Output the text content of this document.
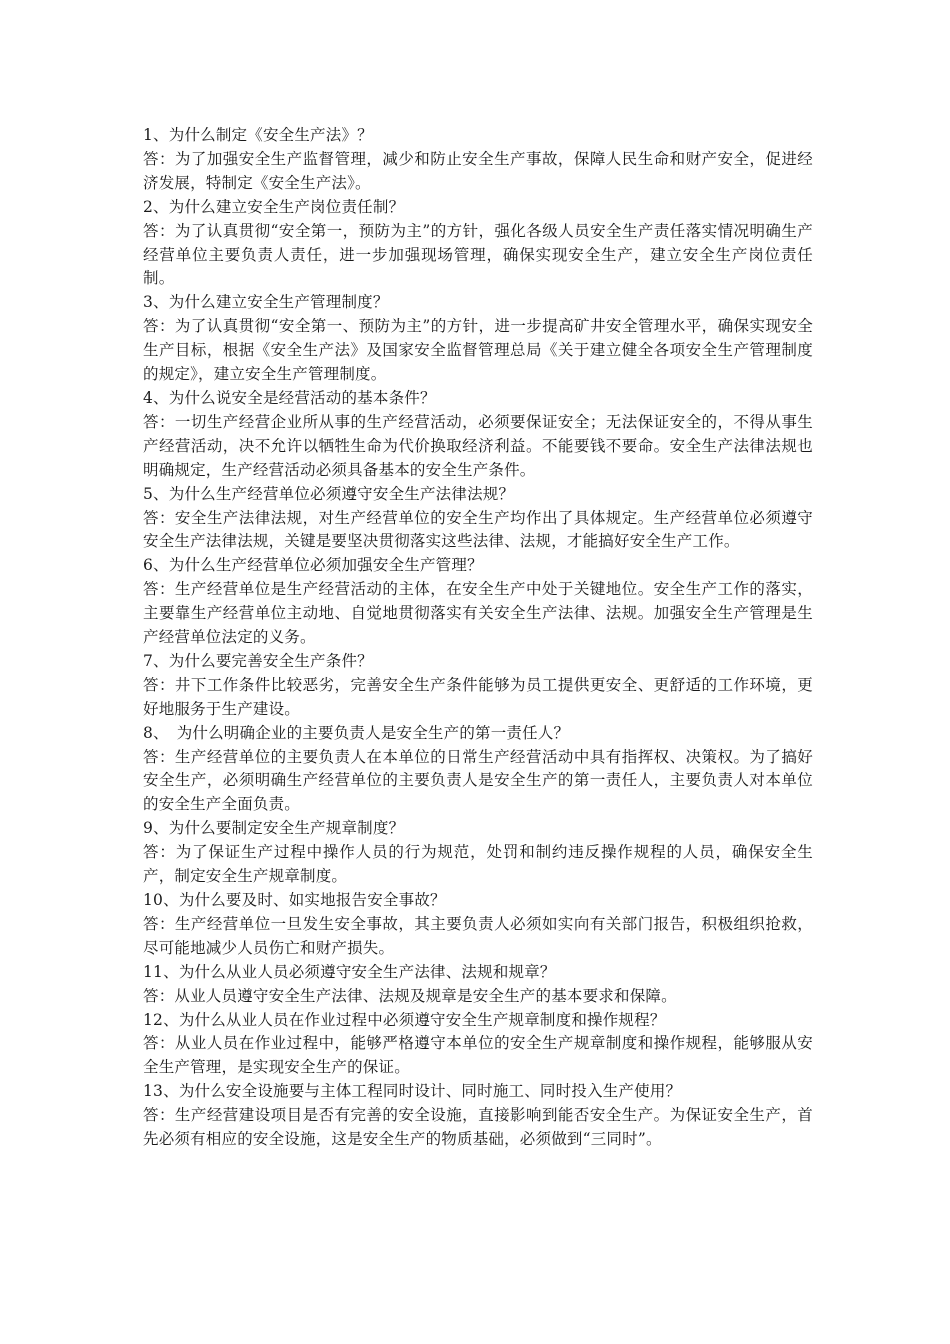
1、为什么制定《安全生产法》？

答：为了加强安全生产监督管理，减少和防止安全生产事故，保障人民生命和财产安全，促进经济发展，特制定《安全生产法》。

2、为什么建立安全生产岗位责任制？

答：为了认真贯彻“安全第一，预防为主”的方针，强化各级人员安全生产责任落实情况明确生产经营单位主要负责人责任，进一步加强现场管理，确保实现安全生产，建立安全生产岗位责任制。

3、为什么建立安全生产管理制度？

答：为了认真贯彻“安全第一、预防为主”的方针，进一步提高矿井安全管理水平，确保实现安全生产目标，根据《安全生产法》及国家安全监督管理总局《关于建立健全各项安全生产管理制度的规定》，建立安全生产管理制度。

4、为什么说安全是经营活动的基本条件？

答：一切生产经营企业所从事的生产经营活动，必须要保证安全；无法保证安全的，不得从事生产经营活动，决不允许以牺牲生命为代价换取经济利益。不能要钱不要命。安全生产法律法规也明确规定，生产经营活动必须具备基本的安全生产条件。

5、为什么生产经营单位必须遵守安全生产法律法规？

答：安全生产法律法规，对生产经营单位的安全生产均作出了具体规定。生产经营单位必须遵守安全生产法律法规，关键是要坚决贯彻落实这些法律、法规，才能搞好安全生产工作。

6、为什么生产经营单位必须加强安全生产管理？

答：生产经营单位是生产经营活动的主体，在安全生产中处于关键地位。安全生产工作的落实，主要靠生产经营单位主动地、自觉地贯彻落实有关安全生产法律、法规。加强安全生产管理是生产经营单位法定的义务。

7、为什么要完善安全生产条件？

答：井下工作条件比较恶劣，完善安全生产条件能够为员工提供更安全、更舒适的工作环境，更好地服务于生产建设。

8、　为什么明确企业的主要负责人是安全生产的第一责任人？

答：生产经营单位的主要负责人在本单位的日常生产经营活动中具有指挥权、决策权。为了搞好安全生产，必须明确生产经营单位的主要负责人是安全生产的第一责任人，主要负责人对本单位的安全生产全面负责。

9、为什么要制定安全生产规章制度？

答：为了保证生产过程中操作人员的行为规范，处罚和制约违反操作规程的人员，确保安全生产，制定安全生产规章制度。

10、为什么要及时、如实地报告安全事故？

答：生产经营单位一旦发生安全事故，其主要负责人必须如实向有关部门报告，积极组织抢救，尽可能地减少人员伤亡和财产损失。

11、为什么从业人员必须遵守安全生产法律、法规和规章？

答：从业人员遵守安全生产法律、法规及规章是安全生产的基本要求和保障。

12、为什么从业人员在作业过程中必须遵守安全生产规章制度和操作规程？

答：从业人员在作业过程中，能够严格遵守本单位的安全生产规章制度和操作规程，能够服从安全生产管理，是实现安全生产的保证。

13、为什么安全设施要与主体工程同时设计、同时施工、同时投入生产使用？

答：生产经营建设项目是否有完善的安全设施，直接影响到能否安全生产。为保证安全生产，首先必须有相应的安全设施，这是安全生产的物质基础，必须做到“三同时”。
